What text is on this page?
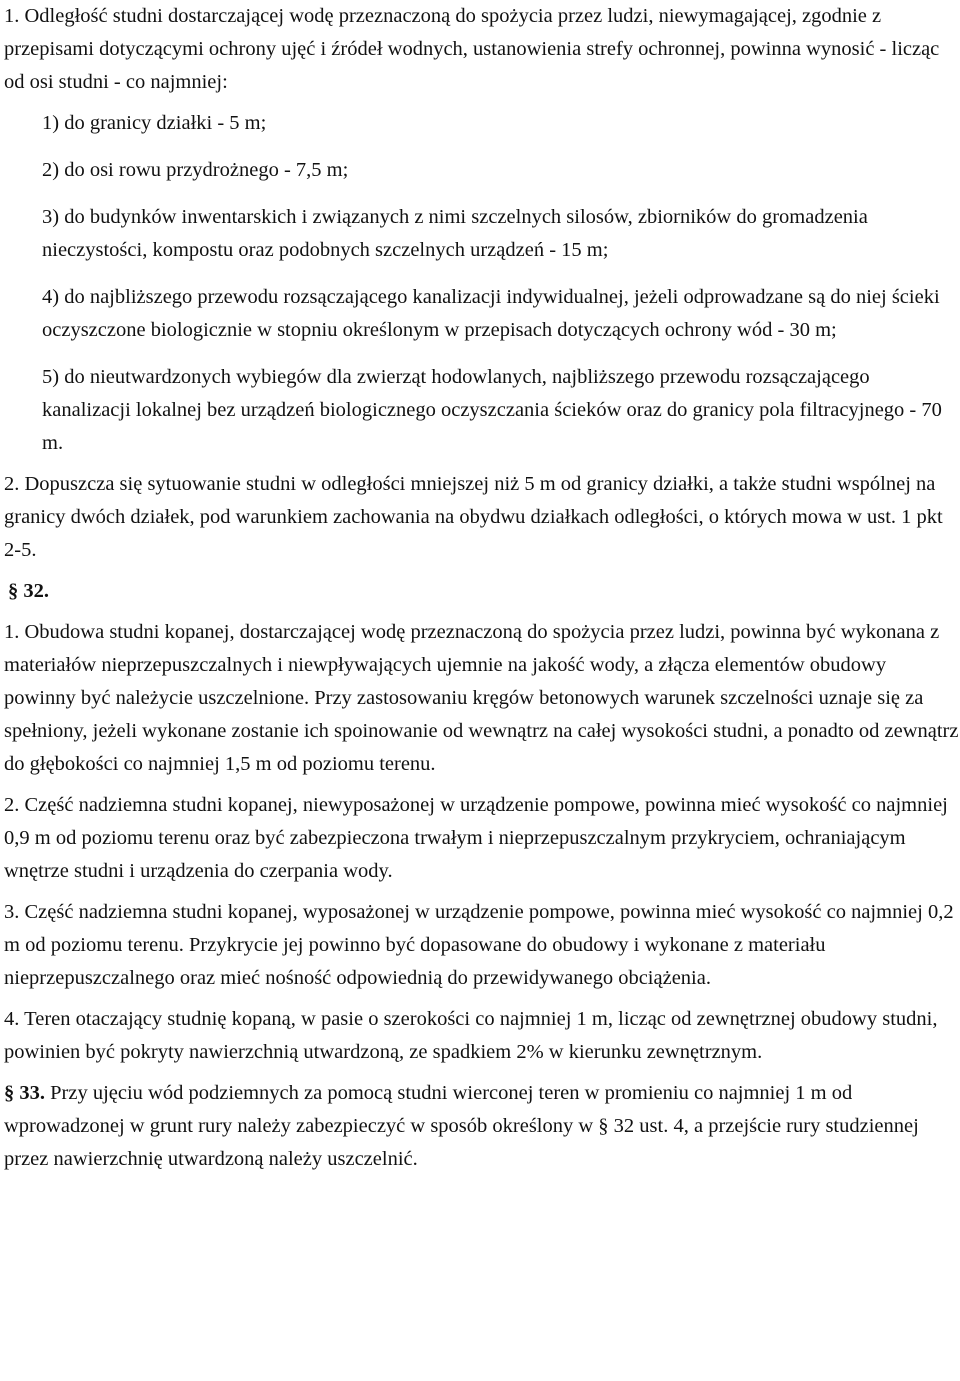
1. Odległość studni dostarczającej wodę przeznaczoną do spożycia przez ludzi, niewymagającej, zgodnie z przepisami dotyczącymi ochrony ujęć i źródeł wodnych, ustanowienia strefy ochronnej, powinna wynosić - licząc od osi studni - co najmniej:

1) do granicy działki - 5 m;

2) do osi rowu przydrożnego - 7,5 m;

3) do budynków inwentarskich i związanych z nimi szczelnych silosów, zbiorników do gromadzenia nieczystości, kompostu oraz podobnych szczelnych urządzeń - 15 m;

4) do najbliższego przewodu rozsączającego kanalizacji indywidualnej, jeżeli odprowadzane są do niej ścieki oczyszczone biologicznie w stopniu określonym w przepisach dotyczących ochrony wód - 30 m;

5) do nieutwardzonych wybiegów dla zwierząt hodowlanych, najbliższego przewodu rozsączającego kanalizacji lokalnej bez urządzeń biologicznego oczyszczania ścieków oraz do granicy pola filtracyjnego - 70 m.

2. Dopuszcza się sytuowanie studni w odległości mniejszej niż 5 m od granicy działki, a także studni wspólnej na granicy dwóch działek, pod warunkiem zachowania na obydwu działkach odległości, o których mowa w ust. 1 pkt 2-5.

§ 32.

1. Obudowa studni kopanej, dostarczającej wodę przeznaczoną do spożycia przez ludzi, powinna być wykonana z materiałów nieprzepuszczalnych i niewpływających ujemnie na jakość wody, a złącza elementów obudowy powinny być należycie uszczelnione. Przy zastosowaniu kręgów betonowych warunek szczelności uznaje się za spełniony, jeżeli wykonane zostanie ich spoinowanie od wewnątrz na całej wysokości studni, a ponadto od zewnątrz do głębokości co najmniej 1,5 m od poziomu terenu.

2. Część nadziemna studni kopanej, niewyposażonej w urządzenie pompowe, powinna mieć wysokość co najmniej 0,9 m od poziomu terenu oraz być zabezpieczona trwałym i nieprzepuszczalnym przykryciem, ochraniającym wnętrze studni i urządzenia do czerpania wody.

3. Część nadziemna studni kopanej, wyposażonej w urządzenie pompowe, powinna mieć wysokość co najmniej 0,2 m od poziomu terenu. Przykrycie jej powinno być dopasowane do obudowy i wykonane z materiału nieprzepuszczalnego oraz mieć nośność odpowiednią do przewidywanego obciążenia.

4. Teren otaczający studnię kopaną, w pasie o szerokości co najmniej 1 m, licząc od zewnętrznej obudowy studni, powinien być pokryty nawierzchnią utwardzoną, ze spadkiem 2% w kierunku zewnętrznym.

§ 33. Przy ujęciu wód podziemnych za pomocą studni wierconej teren w promieniu co najmniej 1 m od wprowadzonej w grunt rury należy zabezpieczyć w sposób określony w § 32 ust. 4, a przejście rury studziennej przez nawierzchnię utwardzoną należy uszczelnić.
